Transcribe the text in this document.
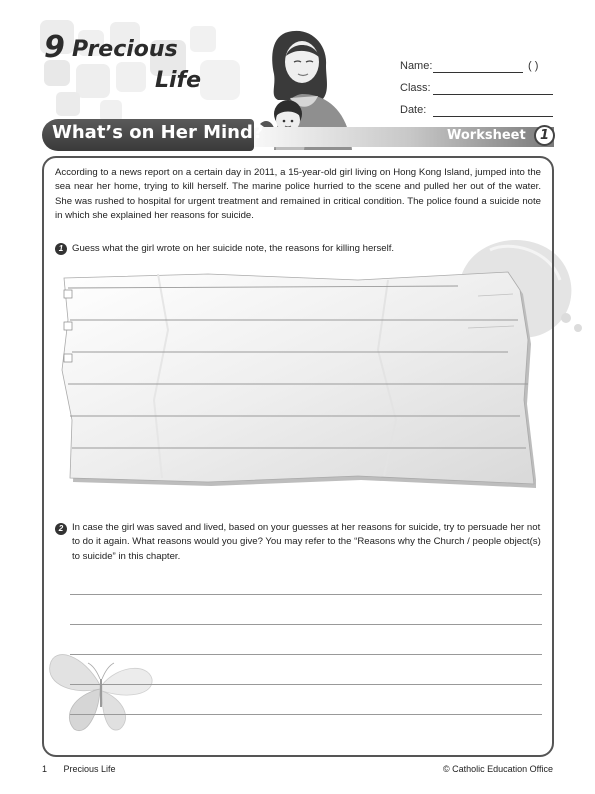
9 Precious
Life
Name:	( )
Class:
Date:
What’s on Her Mind?	Worksheet	1

According to a news report on a certain day in 2011, a 15-year-old girl living on Hong Kong Island, jumped into the sea near her home, trying to kill herself. The marine police hurried to the scene and pulled her out of the water. She was rushed to hospital for urgent treatment and remained in critical condition. The police found a suicide note in which she explained her reasons for suicide.

1 Guess what the girl wrote on her suicide note, the reasons for killing herself.
2 In case the girl was saved and lived, based on your guesses at her reasons for suicide, try to persuade her not to do it again. What reasons would you give? You may refer to the “Reasons why the Church / people object(s) to suicide” in this chapter.
1 Precious Life	© Catholic Education Office
